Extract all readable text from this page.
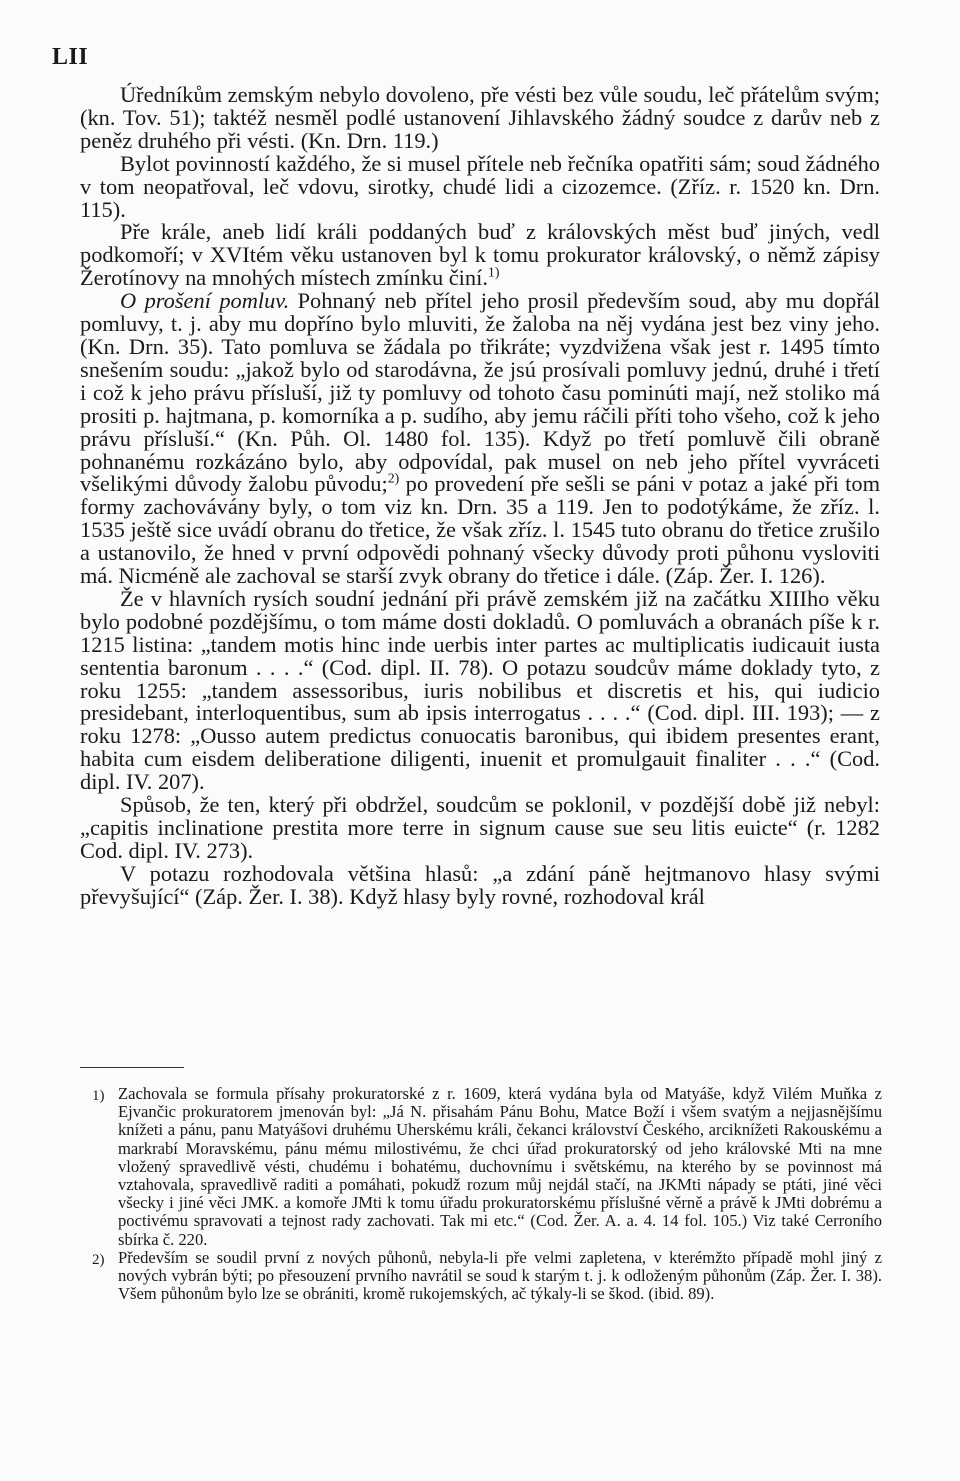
LII

Úředníkům zemským nebylo dovoleno, pře vésti bez vůle soudu, leč přátelům svým; (kn. Tov. 51); taktéž nesměl podlé ustanovení Jihlavského žádný soudce z darův neb z peněz druhého při vésti. (Kn. Drn. 119.)

Bylot povinností každého, že si musel přítele neb řečníka opatřiti sám; soud žádného v tom neopatřoval, leč vdovu, sirotky, chudé lidi a cizozemce. (Zříz. r. 1520 kn. Drn. 115).

Pře krále, aneb lidí králi poddaných buď z královských měst buď jiných, vedl podkomoří; v XVItém věku ustanoven byl k tomu prokurator královský, o němž zápisy Žerotínovy na mnohých místech zmínku činí.$^{1)}$

O prošení pomluv. Pohnaný neb přítel jeho prosil především soud, aby mu dopřál pomluvy, t. j. aby mu dopříno bylo mluviti, že žaloba na něj vydána jest bez viny jeho. (Kn. Drn. 35). Tato pomluva se žádala po třikráte; vyzdvižena však jest r. 1495 tímto snešením soudu: „jakož bylo od starodávna, že jsú prosívali pomluvy jednú, druhé i třetí i což k jeho právu přísluší, již ty pomluvy od tohoto času pominúti mají, než stoliko má prositi p. hajtmana, p. komorníka a p. sudího, aby jemu ráčili příti toho všeho, což k jeho právu přísluší.“ (Kn. Půh. Ol. 1480 fol. 135). Když po třetí pomluvě čili obraně pohnanému rozkázáno bylo, aby odpovídal, pak musel on neb jeho přítel vyvráceti všelikými důvody žalobu původu;$^{2)}$ po provedení pře sešli se páni v potaz a jaké při tom formy zachovávány byly, o tom viz kn. Drn. 35 a 119. Jen to podotýkáme, že zříz. l. 1535 ještě sice uvádí obranu do třetice, že však zříz. l. 1545 tuto obranu do třetice zrušilo a ustanovilo, že hned v první odpovědi pohnaný všecky důvody proti půhonu vysloviti má. Nicméně ale zachoval se starší zvyk obrany do třetice i dále. (Záp. Žer. I. 126).

Že v hlavních rysích soudní jednání při právě zemském již na začátku XIIIho věku bylo podobné pozdějšímu, o tom máme dosti dokladů. O pomluvách a obranách píše k r. 1215 listina: „tandem motis hinc inde uerbis inter partes ac multiplicatis iudicauit iusta sententia baronum . . . .“ (Cod. dipl. II. 78). O potazu soudcův máme doklady tyto, z roku 1255: „tandem assessoribus, iuris nobilibus et discretis et his, qui iudicio presidebant, interloquentibus, sum ab ipsis interrogatus . . . .“ (Cod. dipl. III. 193); — z roku 1278: „Ousso autem predictus conuocatis baronibus, qui ibidem presentes erant, habita cum eisdem deliberatione diligenti, inuenit et promulgauit finaliter . . .“ (Cod. dipl. IV. 207).

Spůsob, že ten, který při obdržel, soudcům se poklonil, v pozdější době již nebyl: „capitis inclinatione prestita more terre in signum cause sue seu litis euicte“ (r. 1282 Cod. dipl. IV. 273).

V potazu rozhodovala většina hlasů: „a zdání páně hejtmanovo hlasy svými převyšující“ (Záp. Žer. I. 38). Když hlasy byly rovné, rozhodoval král

1) Zachovala se formula přísahy prokuratorské z r. 1609, která vydána byla od Matyáše, když Vilém Muňka z Ejvančic prokuratorem jmenován byl: „Já N. přisahám Pánu Bohu, Matce Boží i všem svatým a nejjasnějšímu knížeti a pánu, panu Matyášovi druhému Uherskému králi, čekanci království Českého, arciknížeti Rakouskému a markrabí Moravskému, pánu mému milostivému, že chci úřad prokuratorský od jeho královské Mti na mne vložený spravedlivě vésti, chudému i bohatému, duchovnímu i světskému, na kterého by se povinnost má vztahovala, spravedlivě raditi a pomáhati, pokudž rozum můj nejdál stačí, na JKMti nápady se ptáti, jiné věci všecky i jiné věci JMK. a komoře JMti k tomu úřadu prokuratorskému příslušné věrně a právě k JMti dobrému a poctivému spravovati a tejnost rady zachovati. Tak mi etc.“ (Cod. Žer. A. a. 4. 14 fol. 105.) Viz také Cerroního sbírka č. 220.

2) Především se soudil první z nových půhonů, nebyla-li pře velmi zapletena, v kterémžto případě mohl jiný z nových vybrán býti; po přesouzení prvního navrátil se soud k starým t. j. k odloženým půhonům (Záp. Žer. I. 38). Všem půhonům bylo lze se obrániti, kromě rukojemských, ač týkaly-li se škod. (ibid. 89).
